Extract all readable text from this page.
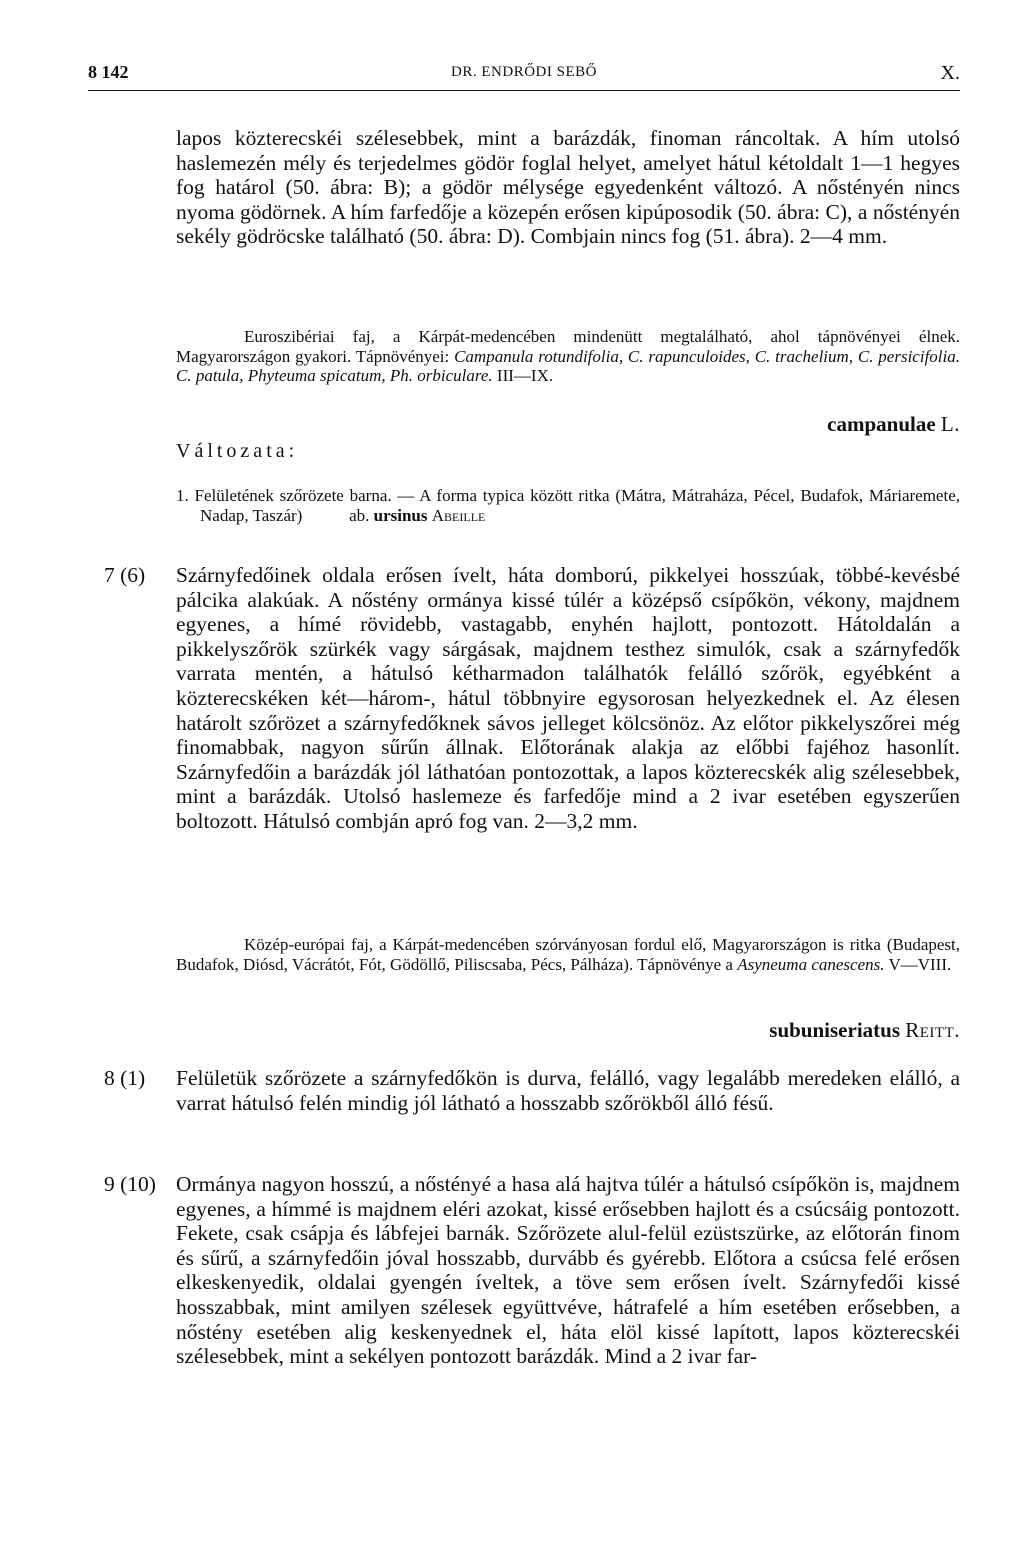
8 142	DR. ENDRŐDI SEBŐ	X.
lapos közterecskéi szélesebbek, mint a barázdák, finoman ráncoltak. A hím utolsó haslemezén mély és terjedelmes gödör foglal helyet, amelyet hátul kétoldalt 1—1 hegyes fog határol (50. ábra: B); a gödör mélysége egyedenként változó. A nőstényén nincs nyoma gödörnek. A hím farfedője a közepén erősen kipúposodik (50. ábra: C), a nőstényén sekély gödröcske található (50. ábra: D). Combjain nincs fog (51. ábra). 2—4 mm.
Euroszibériai faj, a Kárpát-medencében mindenütt megtalálható, ahol tápnövényei élnek. Magyarországon gyakori. Tápnövényei: Campanula rotundifolia, C. rapunculoides, C. trachelium, C. persicifolia. C. patula, Phyteuma spicatum, Ph. orbiculare. III—IX.
campanulae L.
Változata:
1. Felületének szőrözete barna. — A forma typica között ritka (Mátra, Mátraháza, Pécel, Budafok, Máriaremete, Nadap, Taszár)	ab. ursinus Abeille
7 (6) Szárnyfedőinek oldala erősen ívelt, háta domború, pikkelyei hosszúak, többé-kevésbé pálcika alakúak. A nőstény ormánya kissé túlér a középső csípőkön, vékony, majdnem egyenes, a hímé rövidebb, vastagabb, enyhén hajlott, pontozott. Hátoldalán a pikkelyszőrök szürkék vagy sárgásak, majdnem testhez simulók, csak a szárnyfedők varrata mentén, a hátulsó kétharmadon találhatók felálló szőrök, egyébként a közterecskéken két—három-, hátul többnyire egysorosan helyezkednek el. Az élesen határolt szőrözet a szárnyfedőknek sávos jelleget kölcsönöz. Az előtor pikkelyszőrei még finomabbak, nagyon sűrűn állnak. Előtorának alakja az előbbi fajéhoz hasonlít. Szárnyfedőin a barázdák jól láthatóan pontozottak, a lapos közterecskék alig szélesebbek, mint a barázdák. Utolsó haslemeze és farfedője mind a 2 ivar esetében egyszerűen boltozott. Hátulsó combján apró fog van. 2—3,2 mm.
Közép-európai faj, a Kárpát-medencében szórványosan fordul elő, Magyarországon is ritka (Budapest, Budafok, Diósd, Vácrátót, Fót, Gödöllő, Piliscsaba, Pécs, Pálháza). Tápnövénye a Asyneuma canescens. V—VIII.
subuniseriatus Reitt.
8 (1) Felületük szőrözete a szárnyfedőkön is durva, felálló, vagy legalább meredeken elálló, a varrat hátulsó felén mindig jól látható a hosszabb szőrökből álló fésű.
9 (10) Ormánya nagyon hosszú, a nőstényé a hasa alá hajtva túlér a hátulsó csípőkön is, majdnem egyenes, a hímmé is majdnem eléri azokat, kissé erősebben hajlott és a csúcsáig pontozott. Fekete, csak csápja és lábfejei barnák. Szőrözete alul-felül ezüstszürke, az előtorán finom és sűrű, a szárnyfedőin jóval hosszabb, durvább és gyérebb. Előtora a csúcsa felé erősen elkeskenyedik, oldalai gyengén íveltek, a töve sem erősen ívelt. Szárnyfedői kissé hosszabbak, mint amilyen szélesek együttvéve, hátrafelé a hím esetében erősebben, a nőstény esetében alig keskenyednek el, háta elöl kissé lapított, lapos közterecskéi szélesebbek, mint a sekélyen pontozott barázdák. Mind a 2 ivar far-
